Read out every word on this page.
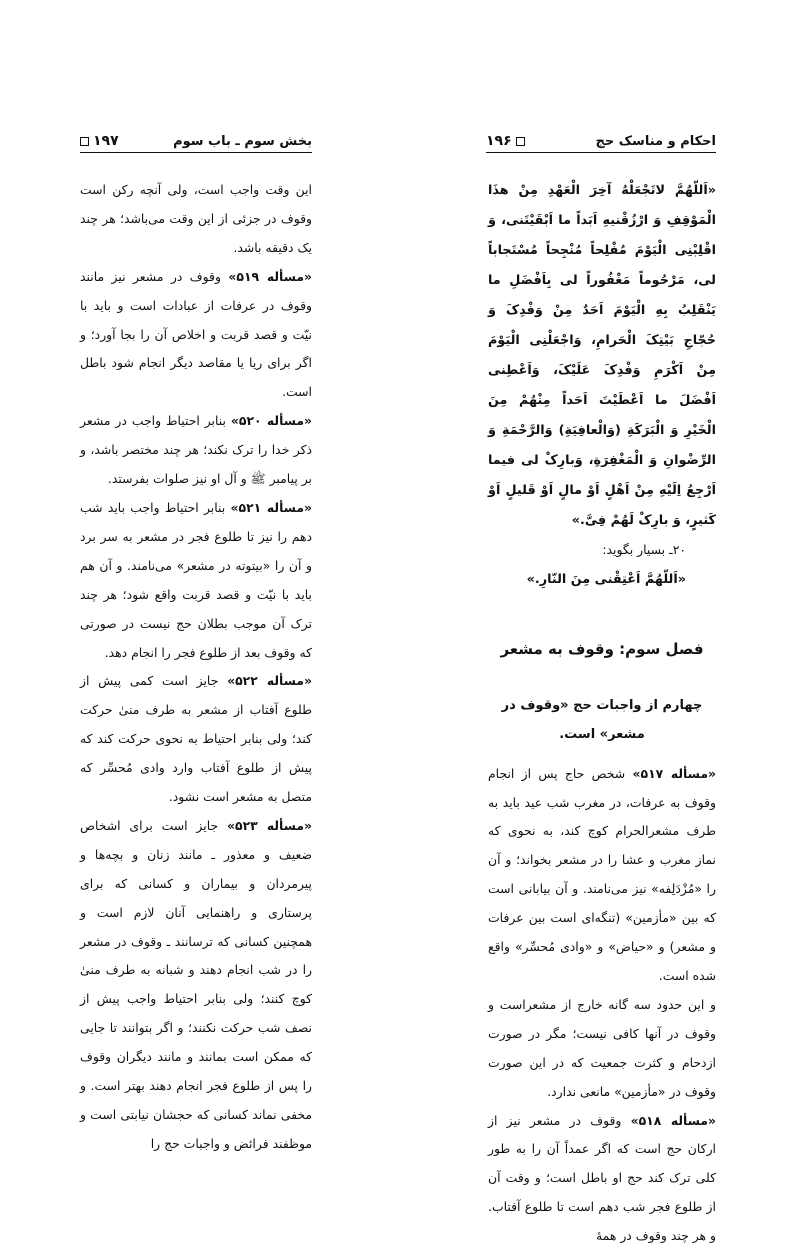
بخش سوم ـ باب سوم
۱۹۷

این وقت واجب است، ولی آنچه رکن است وقوف در جزئی از این وقت می‌باشد؛ هر چند یک دقیقه باشد.

«مسأله ۵۱۹» وقوف در مشعر نیز مانند وقوف در عرفات از عبادات است و باید با نیّت و قصد قربت و اخلاص آن را بجا آورد؛ و اگر برای ریا یا مقاصد دیگر انجام شود باطل است.

«مسأله ۵۲۰» بنابر احتیاط واجب در مشعر ذکر خدا را ترک نکند؛ هر چند مختصر باشد، و بر پیامبر ﷺ و آل او نیز صلوات بفرستد.

«مسأله ۵۲۱» بنابر احتیاط واجب باید شب دهم را نیز تا طلوع فجر در مشعر به سر برد و آن را «بیتوته در مشعر» می‌نامند. و آن هم باید با نیّت و قصد قربت واقع شود؛ هر چند ترک آن موجب بطلان حج نیست در صورتی که وقوف بعد از طلوع فجر را انجام دهد.

«مسأله ۵۲۲» جایز است کمی پیش از طلوع آفتاب از مشعر به طرف منیٰ حرکت کند؛ ولی بنابر احتیاط به نحوی حرکت کند که پیش از طلوع آفتاب وارد وادی مُحسِّر که متصل به مشعر است نشود.

«مسأله ۵۲۳» جایز است برای اشخاص ضعیف و معذور ـ مانند زنان و بچه‌ها و پیرمردان و بیماران و کسانی که برای پرستاری و راهنمایی آنان لازم است و همچنین کسانی که ترسانند ـ وقوف در مشعر را در شب انجام دهند و شبانه به طرف منیٰ کوچ کنند؛ ولی بنابر احتیاط واجب پیش از نصف شب حرکت نکنند؛ و اگر بتوانند تا جایی که ممکن است بمانند و مانند دیگران وقوف را پس از طلوع فجر انجام دهند بهتر است. و مخفی نماند کسانی که حجشان نیابتی است و موظفند فرائض و واجبات حج را

احکام و مناسک حج
۱۹۶

«اَللّهُمَّ لاتَجْعَلْهُ آخِرَ الْعَهْدِ مِنْ هذَا الْمَوْقِفِ وَ ارْزُقْنیهِ اَبَداً ما اَبْقَیْتَنی، وَ اقْلِبْنِی الْیَوْمَ مُفْلِحاً مُنْجِحاً مُسْتَجاباً لی، مَرْحُوماً مَغْفُوراً لی بِاَفْضَلِ ما یَنْقَلِبُ بِهِ الْیَوْمَ اَحَدٌ مِنْ وَفْدِکَ وَ حُجّاجِ بَیْتِکَ الْحَرامِ، وَاجْعَلْنِی الْیَوْمَ مِنْ اَکْرَمِ وَفْدِکَ عَلَیْکَ، وَاَعْطِنی اَفْضَلَ ما اَعْطَیْتَ اَحَداً مِنْهُمْ مِنَ الْخَیْرِ وَ الْبَرَکَةِ (وَالْعافِیَةِ) وَالرَّحْمَةِ وَ الرِّضْوانِ وَ الْمَغْفِرَةِ، وَبارِکْ لی فیما اَرْجِعُ اِلَیْهِ مِنْ اَهْلٍ اَوْ مالٍ اَوْ قَلیلٍ اَوْ کَثیرٍ، وَ بارِکْ لَهُمْ فِیَّ.»

۲۰ـ بسیار بگوید:

«اَللّهُمَّ اَعْتِقْنی مِنَ النّارِ.»

فصل سوم: وقوف به مشعر
چهارم از واجبات حج «وقوف در مشعر» است.

«مسأله ۵۱۷» شخص حاج پس از انجام وقوف به عرفات، در مغرب شب عید باید به طرف مشعرالحرام کوچ کند، به نحوی که نماز مغرب و عشا را در مشعر بخواند؛ و آن را «مُزْدَلِفه» نیز می‌نامند. و آن بیابانی است که بین «مأزمین» (تنگه‌ای است بین عرفات و مشعر) و «حیاض» و «وادی مُحسِّر» واقع شده است.

و این حدود سه گانه خارج از مشعراست و وقوف در آنها کافی نیست؛ مگر در صورت ازدحام و کثرت جمعیت که در این صورت وقوف در «مأزمین» مانعی ندارد.

«مسأله ۵۱۸» وقوف در مشعر نیز از ارکان حج است که اگر عمداً آن را به طور کلی ترک کند حج او باطل است؛ و وقت آن از طلوع فجر شب دهم است تا طلوع آفتاب. و هر چند وقوف در همهٔ
